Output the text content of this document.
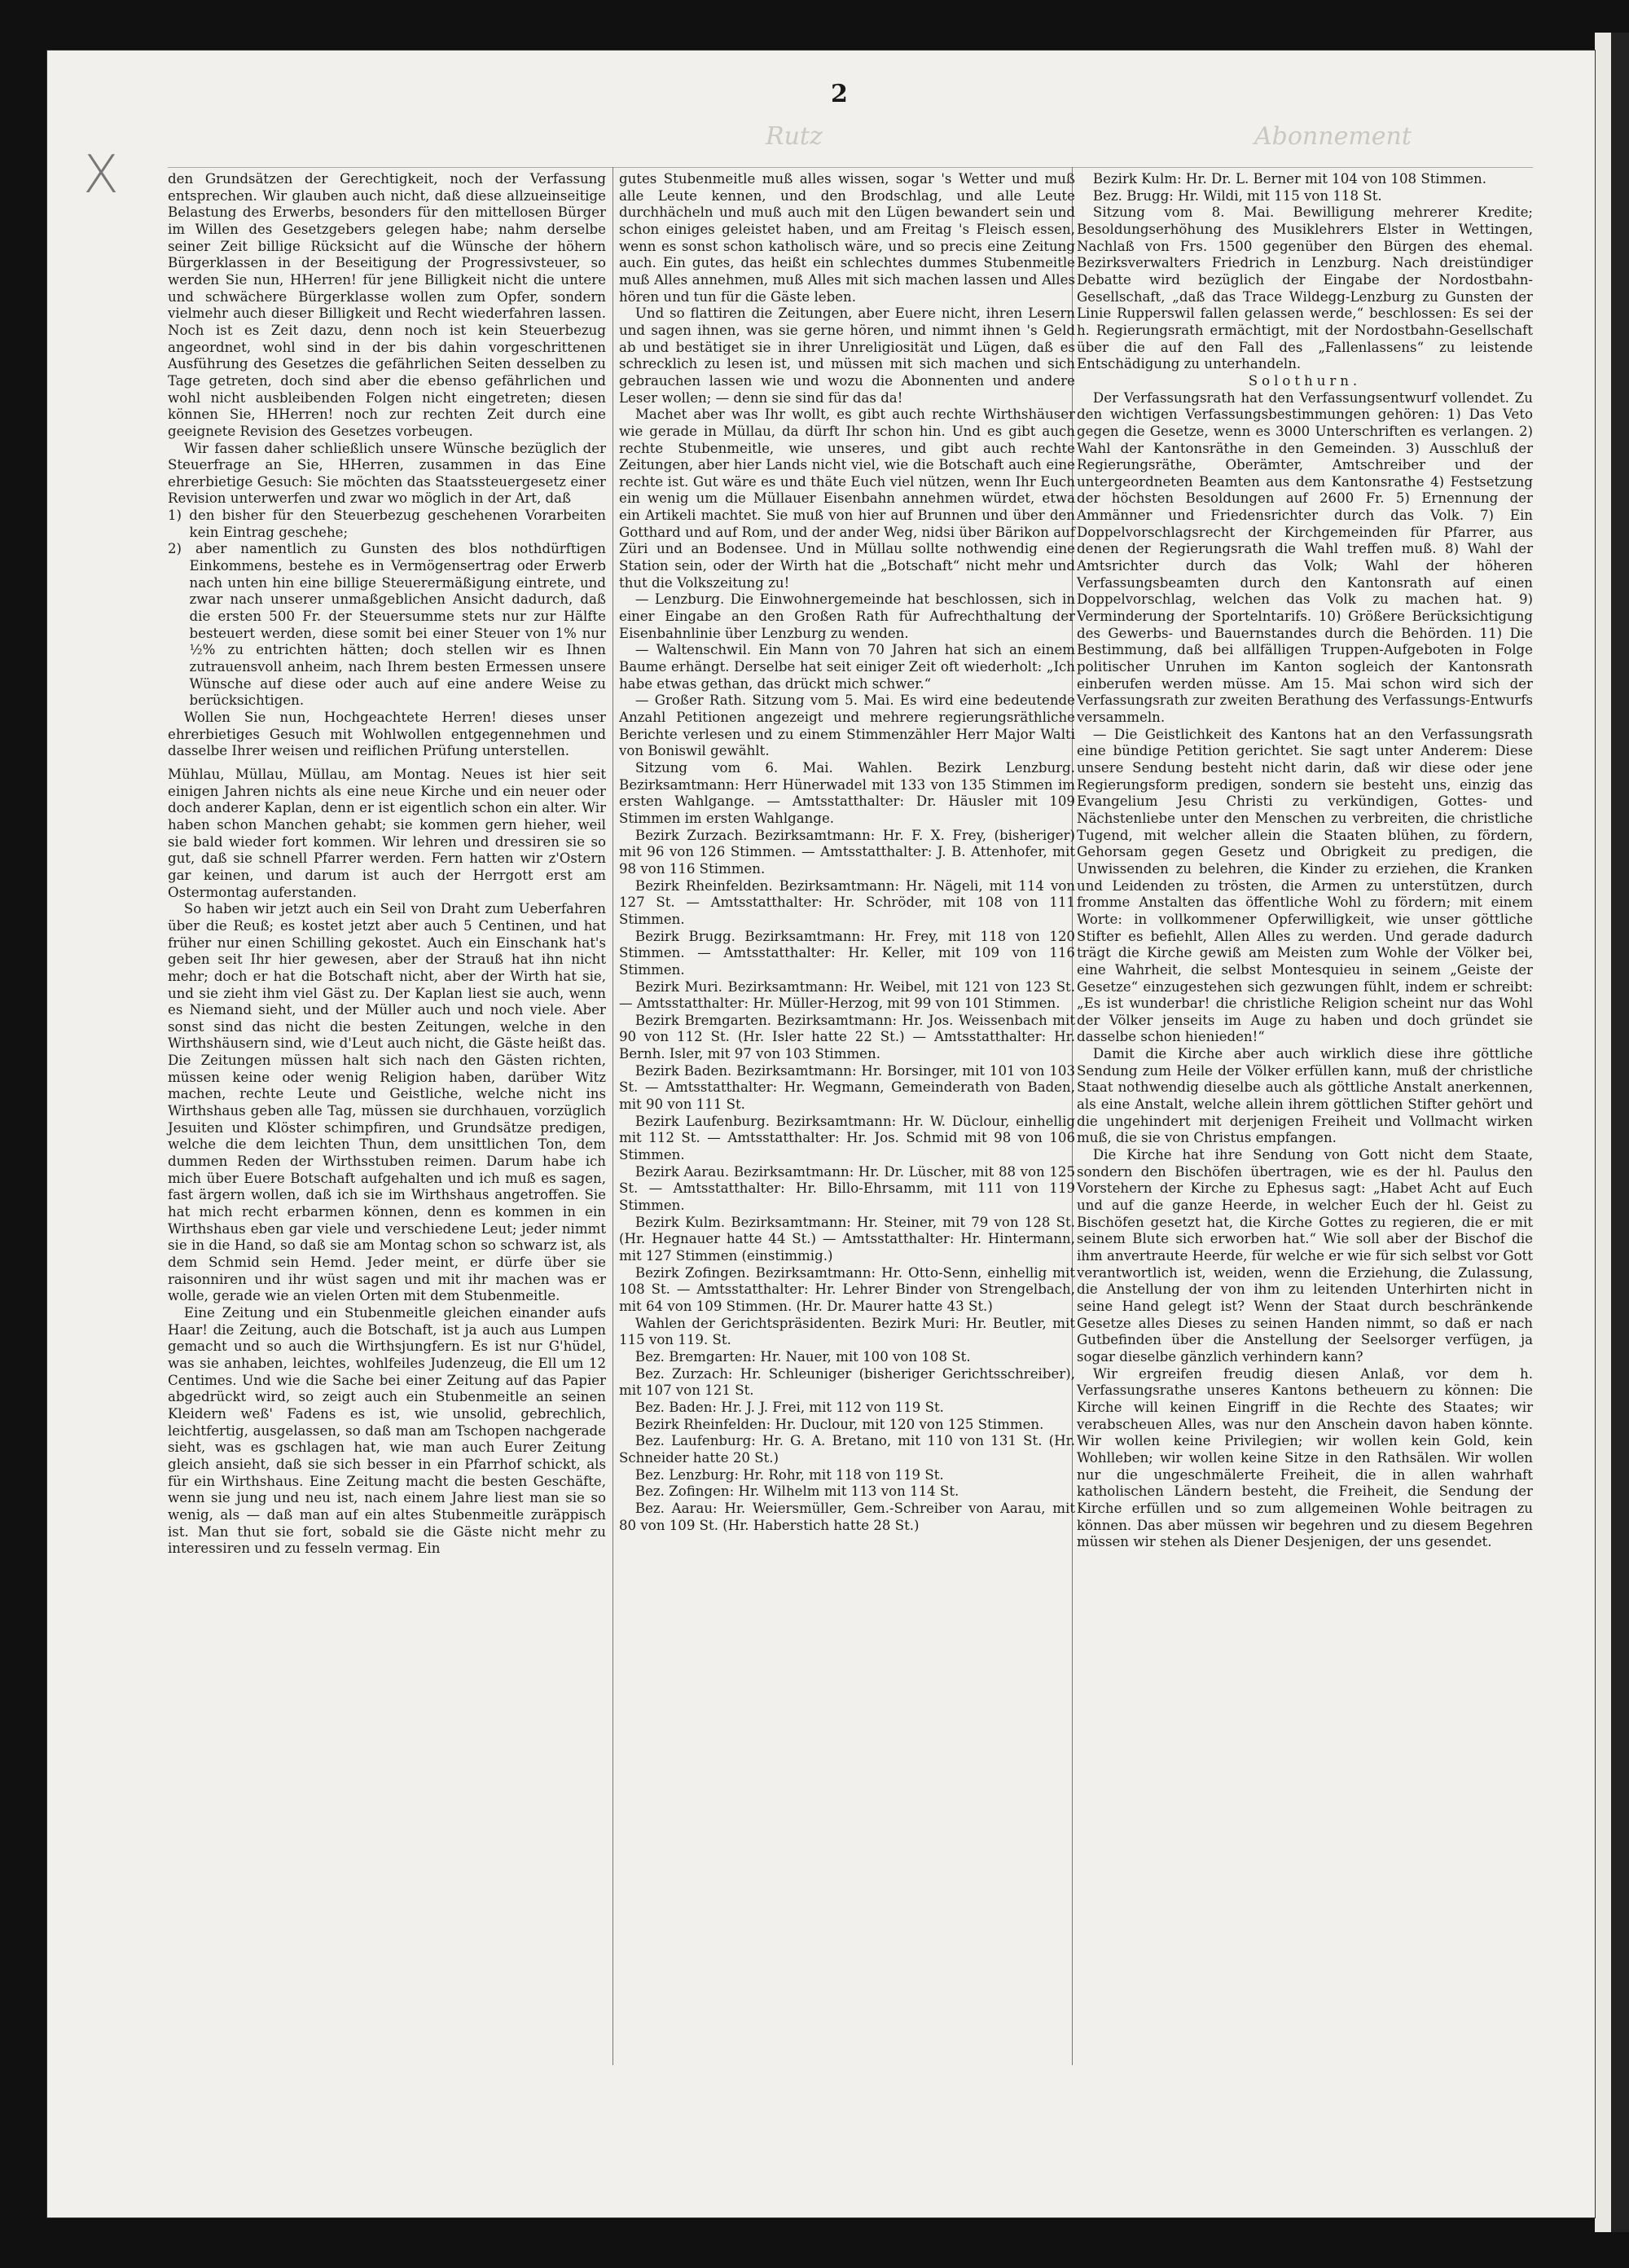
Rutz	Abonnement
X
2

den Grundsätzen der Gerechtigkeit, noch der Verfassung entsprechen. Wir glauben auch nicht, daß diese allzueinseitige Belastung des Erwerbs, besonders für den mittellosen Bürger im Willen des Gesetzgebers gelegen habe; nahm derselbe seiner Zeit billige Rücksicht auf die Wünsche der höhern Bürgerklassen in der Beseitigung der Progressivsteuer, so werden Sie nun, HHerren! für jene Billigkeit nicht die untere und schwächere Bürgerklasse wollen zum Opfer, sondern vielmehr auch dieser Billigkeit und Recht wiederfahren lassen. Noch ist es Zeit dazu, denn noch ist kein Steuerbezug angeordnet, wohl sind in der bis dahin vorgeschrittenen Ausführung des Gesetzes die gefährlichen Seiten desselben zu Tage getreten, doch sind aber die ebenso gefährlichen und wohl nicht ausbleibenden Folgen nicht eingetreten; diesen können Sie, HHerren! noch zur rechten Zeit durch eine geeignete Revision des Gesetzes vorbeugen.

Wir fassen daher schließlich unsere Wünsche bezüglich der Steuerfrage an Sie, HHerren, zusammen in das Eine ehrerbietige Gesuch: Sie möchten das Staatssteuergesetz einer Revision unterwerfen und zwar wo möglich in der Art, daß

1) den bisher für den Steuerbezug geschehenen Vorarbeiten kein Eintrag geschehe;

2) aber namentlich zu Gunsten des blos nothdürftigen Einkommens, bestehe es in Vermögensertrag oder Erwerb nach unten hin eine billige Steuerermäßigung eintrete, und zwar nach unserer unmaßgeblichen Ansicht dadurch, daß die ersten 500 Fr. der Steuersumme stets nur zur Hälfte besteuert werden, diese somit bei einer Steuer von 1% nur ½% zu entrichten hätten; doch stellen wir es Ihnen zutrauensvoll anheim, nach Ihrem besten Ermessen unsere Wünsche auf diese oder auch auf eine andere Weise zu berücksichtigen.

Wollen Sie nun, Hochgeachtete Herren! dieses unser ehrerbietiges Gesuch mit Wohlwollen entgegennehmen und dasselbe Ihrer weisen und reiflichen Prüfung unterstellen.

Mühlau, Müllau, Müllau, am Montag. Neues ist hier seit einigen Jahren nichts als eine neue Kirche und ein neuer oder doch anderer Kaplan, denn er ist eigentlich schon ein alter. Wir haben schon Manchen gehabt; sie kommen gern hieher, weil sie bald wieder fort kommen. Wir lehren und dressiren sie so gut, daß sie schnell Pfarrer werden. Fern hatten wir z'Ostern gar keinen, und darum ist auch der Herrgott erst am Ostermontag auferstanden.

So haben wir jetzt auch ein Seil von Draht zum Ueberfahren über die Reuß; es kostet jetzt aber auch 5 Centinen, und hat früher nur einen Schilling gekostet. Auch ein Einschank hat's geben seit Ihr hier gewesen, aber der Strauß hat ihn nicht mehr; doch er hat die Botschaft nicht, aber der Wirth hat sie, und sie zieht ihm viel Gäst zu. Der Kaplan liest sie auch, wenn es Niemand sieht, und der Müller auch und noch viele. Aber sonst sind das nicht die besten Zeitungen, welche in den Wirthshäusern sind, wie d'Leut auch nicht, die Gäste heißt das. Die Zeitungen müssen halt sich nach den Gästen richten, müssen keine oder wenig Religion haben, darüber Witz machen, rechte Leute und Geistliche, welche nicht ins Wirthshaus geben alle Tag, müssen sie durchhauen, vorzüglich Jesuiten und Klöster schimpfiren, und Grundsätze predigen, welche die dem leichten Thun, dem unsittlichen Ton, dem dummen Reden der Wirthsstuben reimen. Darum habe ich mich über Euere Botschaft aufgehalten und ich muß es sagen, fast ärgern wollen, daß ich sie im Wirthshaus angetroffen. Sie hat mich recht erbarmen können, denn es kommen in ein Wirthshaus eben gar viele und verschiedene Leut; jeder nimmt sie in die Hand, so daß sie am Montag schon so schwarz ist, als dem Schmid sein Hemd. Jeder meint, er dürfe über sie raisonniren und ihr wüst sagen und mit ihr machen was er wolle, gerade wie an vielen Orten mit dem Stubenmeitle.

Eine Zeitung und ein Stubenmeitle gleichen einander aufs Haar! die Zeitung, auch die Botschaft, ist ja auch aus Lumpen gemacht und so auch die Wirthsjungfern. Es ist nur G'hüdel, was sie anhaben, leichtes, wohlfeiles Judenzeug, die Ell um 12 Centimes. Und wie die Sache bei einer Zeitung auf das Papier abgedrückt wird, so zeigt auch ein Stubenmeitle an seinen Kleidern weß' Fadens es ist, wie unsolid, gebrechlich, leichtfertig, ausgelassen, so daß man am Tschopen nachgerade sieht, was es gschlagen hat, wie man auch Eurer Zeitung gleich ansieht, daß sie sich besser in ein Pfarrhof schickt, als für ein Wirthshaus. Eine Zeitung macht die besten Geschäfte, wenn sie jung und neu ist, nach einem Jahre liest man sie so wenig, als — daß man auf ein altes Stubenmeitle zuräppisch ist. Man thut sie fort, sobald sie die Gäste nicht mehr zu interessiren und zu fesseln vermag. Ein

gutes Stubenmeitle muß alles wissen, sogar 's Wetter und muß alle Leute kennen, und den Brodschlag, und alle Leute durchhächeln und muß auch mit den Lügen bewandert sein und schon einiges geleistet haben, und am Freitag 's Fleisch essen, wenn es sonst schon katholisch wäre, und so precis eine Zeitung auch. Ein gutes, das heißt ein schlechtes dummes Stubenmeitle muß Alles annehmen, muß Alles mit sich machen lassen und Alles hören und tun für die Gäste leben.

Und so flattiren die Zeitungen, aber Euere nicht, ihren Lesern und sagen ihnen, was sie gerne hören, und nimmt ihnen 's Geld ab und bestätiget sie in ihrer Unreligiosität und Lügen, daß es schrecklich zu lesen ist, und müssen mit sich machen und sich gebrauchen lassen wie und wozu die Abonnenten und andere Leser wollen; — denn sie sind für das da!

Machet aber was Ihr wollt, es gibt auch rechte Wirthshäuser wie gerade in Müllau, da dürft Ihr schon hin. Und es gibt auch rechte Stubenmeitle, wie unseres, und gibt auch rechte Zeitungen, aber hier Lands nicht viel, wie die Botschaft auch eine rechte ist. Gut wäre es und thäte Euch viel nützen, wenn Ihr Euch ein wenig um die Müllauer Eisenbahn annehmen würdet, etwa ein Artikeli machtet. Sie muß von hier auf Brunnen und über den Gotthard und auf Rom, und der ander Weg, nidsi über Bärikon auf Züri und an Bodensee. Und in Müllau sollte nothwendig eine Station sein, oder der Wirth hat die „Botschaft“ nicht mehr und thut die Volkszeitung zu!

— Lenzburg. Die Einwohnergemeinde hat beschlossen, sich in einer Eingabe an den Großen Rath für Aufrechthaltung der Eisenbahnlinie über Lenzburg zu wenden.

— Waltenschwil. Ein Mann von 70 Jahren hat sich an einem Baume erhängt. Derselbe hat seit einiger Zeit oft wiederholt: „Ich habe etwas gethan, das drückt mich schwer.“

— Großer Rath. Sitzung vom 5. Mai. Es wird eine bedeutende Anzahl Petitionen angezeigt und mehrere regierungsräthliche Berichte verlesen und zu einem Stimmenzähler Herr Major Walti von Boniswil gewählt.

Sitzung vom 6. Mai. Wahlen. Bezirk Lenzburg. Bezirksamtmann: Herr Hünerwadel mit 133 von 135 Stimmen im ersten Wahlgange. — Amtsstatthalter: Dr. Häusler mit 109 Stimmen im ersten Wahlgange.

Bezirk Zurzach. Bezirksamtmann: Hr. F. X. Frey, (bisheriger) mit 96 von 126 Stimmen. — Amtsstatthalter: J. B. Attenhofer, mit 98 von 116 Stimmen.

Bezirk Rheinfelden. Bezirksamtmann: Hr. Nägeli, mit 114 von 127 St. — Amtsstatthalter: Hr. Schröder, mit 108 von 111 Stimmen.

Bezirk Brugg. Bezirksamtmann: Hr. Frey, mit 118 von 120 Stimmen. — Amtsstatthalter: Hr. Keller, mit 109 von 116 Stimmen.

Bezirk Muri. Bezirksamtmann: Hr. Weibel, mit 121 von 123 St. — Amtsstatthalter: Hr. Müller-Herzog, mit 99 von 101 Stimmen.

Bezirk Bremgarten. Bezirksamtmann: Hr. Jos. Weissenbach mit 90 von 112 St. (Hr. Isler hatte 22 St.) — Amtsstatthalter: Hr. Bernh. Isler, mit 97 von 103 Stimmen.

Bezirk Baden. Bezirksamtmann: Hr. Borsinger, mit 101 von 103 St. — Amtsstatthalter: Hr. Wegmann, Gemeinderath von Baden, mit 90 von 111 St.

Bezirk Laufenburg. Bezirksamtmann: Hr. W. Düclour, einhellig mit 112 St. — Amtsstatthalter: Hr. Jos. Schmid mit 98 von 106 Stimmen.

Bezirk Aarau. Bezirksamtmann: Hr. Dr. Lüscher, mit 88 von 125 St. — Amtsstatthalter: Hr. Billo-Ehrsamm, mit 111 von 119 Stimmen.

Bezirk Kulm. Bezirksamtmann: Hr. Steiner, mit 79 von 128 St. (Hr. Hegnauer hatte 44 St.) — Amtsstatthalter: Hr. Hintermann, mit 127 Stimmen (einstimmig.)

Bezirk Zofingen. Bezirksamtmann: Hr. Otto-Senn, einhellig mit 108 St. — Amtsstatthalter: Hr. Lehrer Binder von Strengelbach, mit 64 von 109 Stimmen. (Hr. Dr. Maurer hatte 43 St.)

Wahlen der Gerichtspräsidenten. Bezirk Muri: Hr. Beutler, mit 115 von 119. St.

Bez. Bremgarten: Hr. Nauer, mit 100 von 108 St.

Bez. Zurzach: Hr. Schleuniger (bisheriger Gerichtsschreiber), mit 107 von 121 St.

Bez. Baden: Hr. J. J. Frei, mit 112 von 119 St.

Bezirk Rheinfelden: Hr. Duclour, mit 120 von 125 Stimmen.

Bez. Laufenburg: Hr. G. A. Bretano, mit 110 von 131 St. (Hr. Schneider hatte 20 St.)

Bez. Lenzburg: Hr. Rohr, mit 118 von 119 St.

Bez. Zofingen: Hr. Wilhelm mit 113 von 114 St.

Bez. Aarau: Hr. Weiersmüller, Gem.-Schreiber von Aarau, mit 80 von 109 St. (Hr. Haberstich hatte 28 St.)

Bezirk Kulm: Hr. Dr. L. Berner mit 104 von 108 Stimmen.

Bez. Brugg: Hr. Wildi, mit 115 von 118 St.

Sitzung vom 8. Mai. Bewilligung mehrerer Kredite; Besoldungserhöhung des Musiklehrers Elster in Wettingen, Nachlaß von Frs. 1500 gegenüber den Bürgen des ehemal. Bezirksverwalters Friedrich in Lenzburg. Nach dreistündiger Debatte wird bezüglich der Eingabe der Nordostbahn-Gesellschaft, „daß das Trace Wildegg-Lenzburg zu Gunsten der Linie Rupperswil fallen gelassen werde,“ beschlossen: Es sei der h. Regierungsrath ermächtigt, mit der Nordostbahn-Gesellschaft über die auf den Fall des „Fallenlassens“ zu leistende Entschädigung zu unterhandeln.

Solothurn.

Der Verfassungsrath hat den Verfassungsentwurf vollendet. Zu den wichtigen Verfassungsbestimmungen gehören: 1) Das Veto gegen die Gesetze, wenn es 3000 Unterschriften es verlangen. 2) Wahl der Kantonsräthe in den Gemeinden. 3) Ausschluß der Regierungsräthe, Oberämter, Amtschreiber und der untergeordneten Beamten aus dem Kantonsrathe 4) Festsetzung der höchsten Besoldungen auf 2600 Fr. 5) Ernennung der Ammänner und Friedensrichter durch das Volk. 7) Ein Doppelvorschlagsrecht der Kirchgemeinden für Pfarrer, aus denen der Regierungsrath die Wahl treffen muß. 8) Wahl der Amtsrichter durch das Volk; Wahl der höheren Verfassungsbeamten durch den Kantonsrath auf einen Doppelvorschlag, welchen das Volk zu machen hat. 9) Verminderung der Sportelntarifs. 10) Größere Berücksichtigung des Gewerbs- und Bauernstandes durch die Behörden. 11) Die Bestimmung, daß bei allfälligen Truppen-Aufgeboten in Folge politischer Unruhen im Kanton sogleich der Kantonsrath einberufen werden müsse. Am 15. Mai schon wird sich der Verfassungsrath zur zweiten Berathung des Verfassungs-Entwurfs versammeln.

— Die Geistlichkeit des Kantons hat an den Verfassungsrath eine bündige Petition gerichtet. Sie sagt unter Anderem: Diese unsere Sendung besteht nicht darin, daß wir diese oder jene Regierungsform predigen, sondern sie besteht uns, einzig das Evangelium Jesu Christi zu verkündigen, Gottes- und Nächstenliebe unter den Menschen zu verbreiten, die christliche Tugend, mit welcher allein die Staaten blühen, zu fördern, Gehorsam gegen Gesetz und Obrigkeit zu predigen, die Unwissenden zu belehren, die Kinder zu erziehen, die Kranken und Leidenden zu trösten, die Armen zu unterstützen, durch fromme Anstalten das öffentliche Wohl zu fördern; mit einem Worte: in vollkommener Opferwilligkeit, wie unser göttliche Stifter es befiehlt, Allen Alles zu werden. Und gerade dadurch trägt die Kirche gewiß am Meisten zum Wohle der Völker bei, eine Wahrheit, die selbst Montesquieu in seinem „Geiste der Gesetze“ einzugestehen sich gezwungen fühlt, indem er schreibt: „Es ist wunderbar! die christliche Religion scheint nur das Wohl der Völker jenseits im Auge zu haben und doch gründet sie dasselbe schon hienieden!“

Damit die Kirche aber auch wirklich diese ihre göttliche Sendung zum Heile der Völker erfüllen kann, muß der christliche Staat nothwendig dieselbe auch als göttliche Anstalt anerkennen, als eine Anstalt, welche allein ihrem göttlichen Stifter gehört und die ungehindert mit derjenigen Freiheit und Vollmacht wirken muß, die sie von Christus empfangen.

Die Kirche hat ihre Sendung von Gott nicht dem Staate, sondern den Bischöfen übertragen, wie es der hl. Paulus den Vorstehern der Kirche zu Ephesus sagt: „Habet Acht auf Euch und auf die ganze Heerde, in welcher Euch der hl. Geist zu Bischöfen gesetzt hat, die Kirche Gottes zu regieren, die er mit seinem Blute sich erworben hat.“ Wie soll aber der Bischof die ihm anvertraute Heerde, für welche er wie für sich selbst vor Gott verantwortlich ist, weiden, wenn die Erziehung, die Zulassung, die Anstellung der von ihm zu leitenden Unterhirten nicht in seine Hand gelegt ist? Wenn der Staat durch beschränkende Gesetze alles Dieses zu seinen Handen nimmt, so daß er nach Gutbefinden über die Anstellung der Seelsorger verfügen, ja sogar dieselbe gänzlich verhindern kann?

Wir ergreifen freudig diesen Anlaß, vor dem h. Verfassungsrathe unseres Kantons betheuern zu können: Die Kirche will keinen Eingriff in die Rechte des Staates; wir verabscheuen Alles, was nur den Anschein davon haben könnte. Wir wollen keine Privilegien; wir wollen kein Gold, kein Wohlleben; wir wollen keine Sitze in den Rathsälen. Wir wollen nur die ungeschmälerte Freiheit, die in allen wahrhaft katholischen Ländern besteht, die Freiheit, die Sendung der Kirche erfüllen und so zum allgemeinen Wohle beitragen zu können. Das aber müssen wir begehren und zu diesem Begehren müssen wir stehen als Diener Desjenigen, der uns gesendet.
